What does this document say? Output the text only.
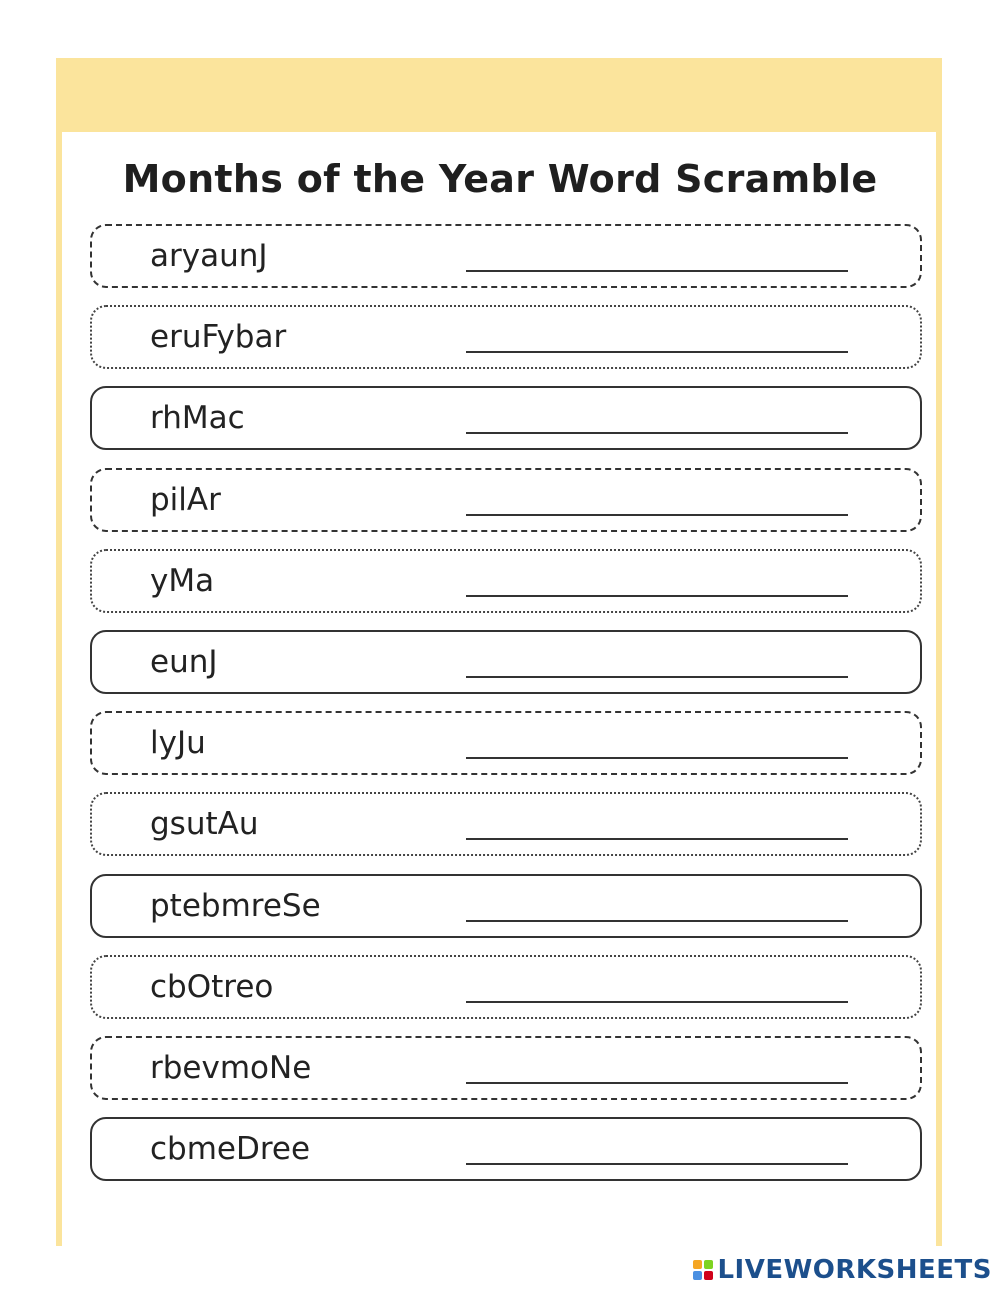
Months of the Year Word Scramble
aryaunJ
eruFybar
rhMac
pilAr
yMa
eunJ
lyJu
gsutAu
ptebmreSe
cbOtreo
rbevmoNe
cbmeDree
LIVEWORKSHEETS
